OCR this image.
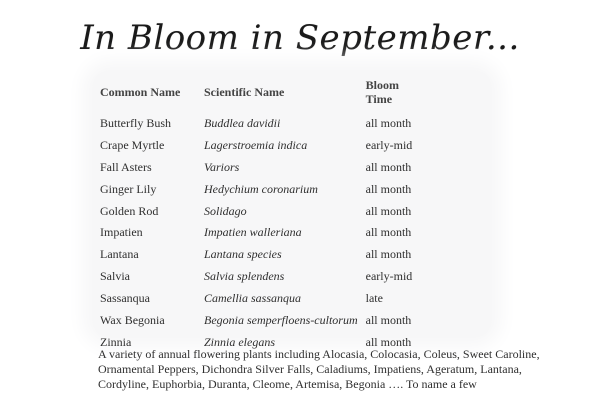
In Bloom in September...
Common Name	Scientific Name	Bloom Time
Butterfly Bush	Buddlea davidii	all month
Crape Myrtle	Lagerstroemia indica	early-mid
Fall Asters	Variors	all month
Ginger Lily	Hedychium coronarium	all month
Golden Rod	Solidago	all month
Impatien	Impatien walleriana	all month
Lantana	Lantana species	all month
Salvia	Salvia splendens	early-mid
Sassanqua	Camellia sassanqua	late
Wax Begonia	Begonia semperfloens-cultorum	all month
Zinnia	Zinnia elegans	all month
A variety of annual flowering plants including Alocasia, Colocasia, Coleus, Sweet Caroline, Ornamental Peppers, Dichondra Silver Falls, Caladiums, Impatiens, Ageratum, Lantana, Cordyline, Euphorbia, Duranta, Cleome, Artemisa, Begonia …. To name a few
